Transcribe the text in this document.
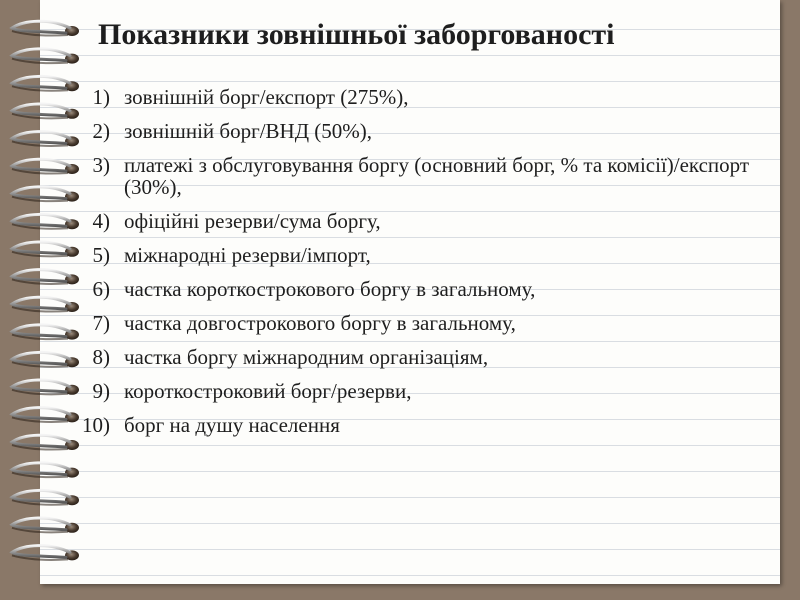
Показники зовнішньої заборгованості
1) зовнішній борг/експорт (275%),
2) зовнішній борг/ВНД (50%),
3) платежі з обслуговування боргу (основний борг, % та комісії)/експорт (30%),
4) офіційні резерви/сума боргу,
5) міжнародні резерви/імпорт,
6) частка короткострокового боргу в загальному,
7) частка довгострокового боргу в загальному,
8) частка боргу міжнародним організаціям,
9) короткостроковий борг/резерви,
10) борг на душу населення
